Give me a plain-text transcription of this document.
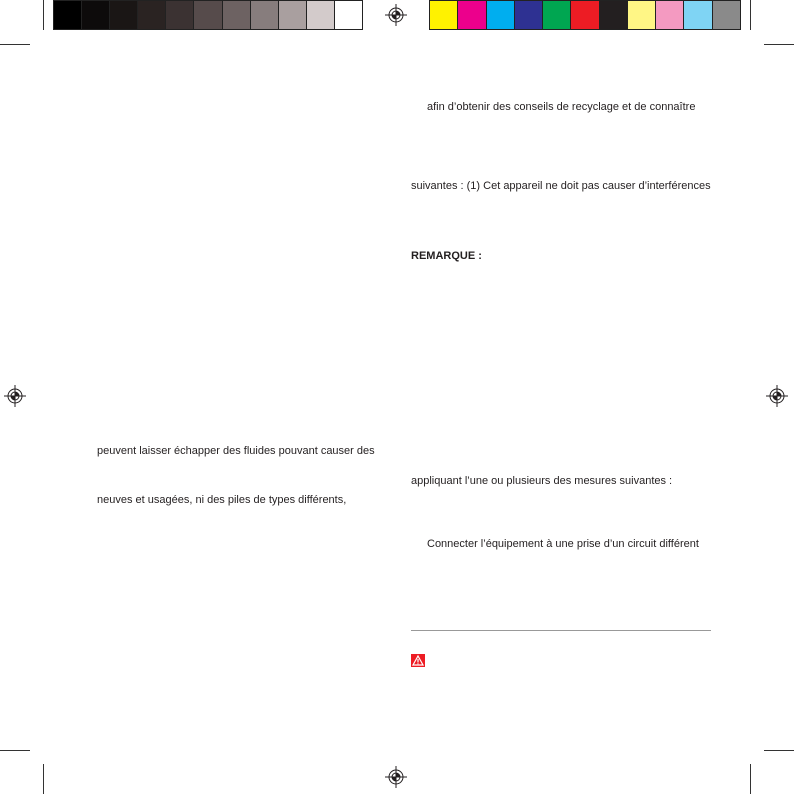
peuvent laisser échapper des fluides pouvant causer des
neuves et usagées, ni des piles de types différents,
afin d’obtenir des conseils de recyclage et de connaître
suivantes : (1) Cet appareil ne doit pas causer d’interférences
REMARQUE :
appliquant l’une ou plusieurs des mesures suivantes :
Connecter l’équipement à une prise d’un circuit différent
